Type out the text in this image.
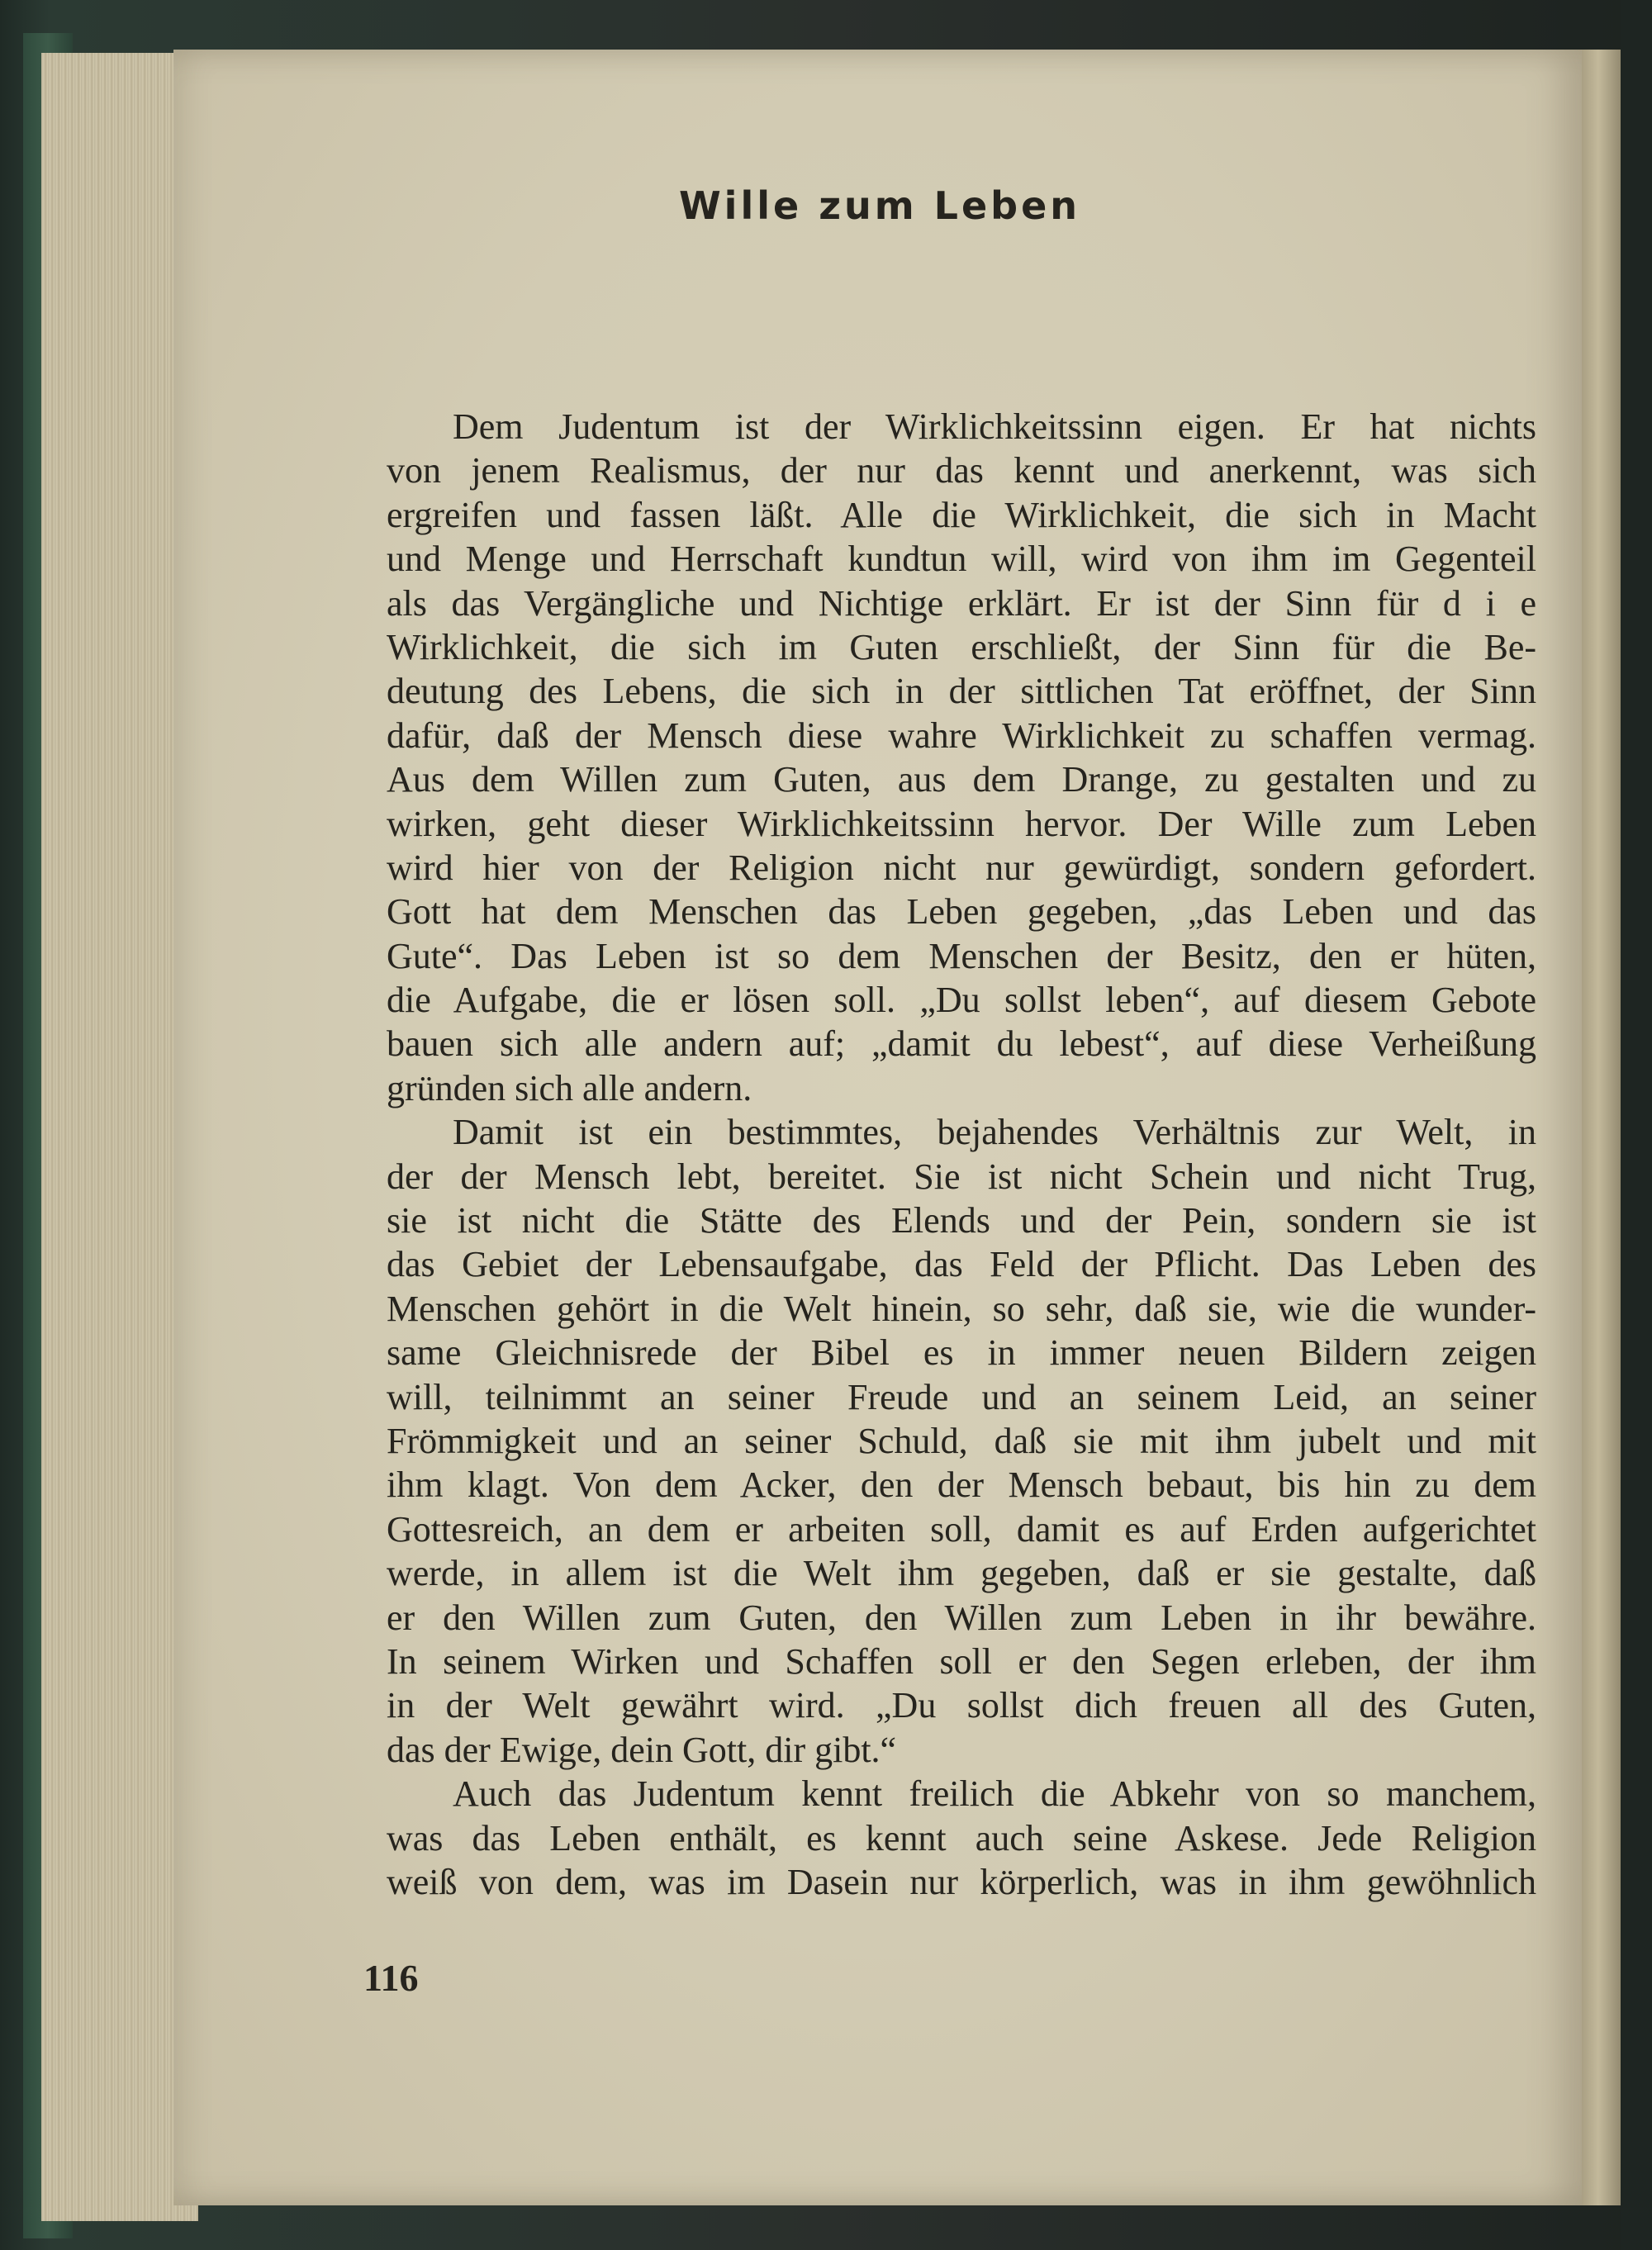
Wille zum Leben
Dem Judentum ist der Wirklichkeitssinn eigen. Er hat nichts
von jenem Realismus, der nur das kennt und anerkennt, was sich
ergreifen und fassen läßt. Alle die Wirklichkeit, die sich in Macht
und Menge und Herrschaft kundtun will, wird von ihm im Gegenteil
als das Vergängliche und Nichtige erklärt. Er ist der Sinn für d i e
Wirklichkeit, die sich im Guten erschließt, der Sinn für die Be-
deutung des Lebens, die sich in der sittlichen Tat eröffnet, der Sinn
dafür, daß der Mensch diese wahre Wirklichkeit zu schaffen vermag.
Aus dem Willen zum Guten, aus dem Drange, zu gestalten und zu
wirken, geht dieser Wirklichkeitssinn hervor. Der Wille zum Leben
wird hier von der Religion nicht nur gewürdigt, sondern gefordert.
Gott hat dem Menschen das Leben gegeben, „das Leben und das
Gute“. Das Leben ist so dem Menschen der Besitz, den er hüten,
die Aufgabe, die er lösen soll. „Du sollst leben“, auf diesem Gebote
bauen sich alle andern auf; „damit du lebest“, auf diese Verheißung
gründen sich alle andern.
Damit ist ein bestimmtes, bejahendes Verhältnis zur Welt, in
der der Mensch lebt, bereitet. Sie ist nicht Schein und nicht Trug,
sie ist nicht die Stätte des Elends und der Pein, sondern sie ist
das Gebiet der Lebensaufgabe, das Feld der Pflicht. Das Leben des
Menschen gehört in die Welt hinein, so sehr, daß sie, wie die wunder-
same Gleichnisrede der Bibel es in immer neuen Bildern zeigen
will, teilnimmt an seiner Freude und an seinem Leid, an seiner
Frömmigkeit und an seiner Schuld, daß sie mit ihm jubelt und mit
ihm klagt. Von dem Acker, den der Mensch bebaut, bis hin zu dem
Gottesreich, an dem er arbeiten soll, damit es auf Erden aufgerichtet
werde, in allem ist die Welt ihm gegeben, daß er sie gestalte, daß
er den Willen zum Guten, den Willen zum Leben in ihr bewähre.
In seinem Wirken und Schaffen soll er den Segen erleben, der ihm
in der Welt gewährt wird. „Du sollst dich freuen all des Guten,
das der Ewige, dein Gott, dir gibt.“
Auch das Judentum kennt freilich die Abkehr von so manchem,
was das Leben enthält, es kennt auch seine Askese. Jede Religion
weiß von dem, was im Dasein nur körperlich, was in ihm gewöhnlich
116
